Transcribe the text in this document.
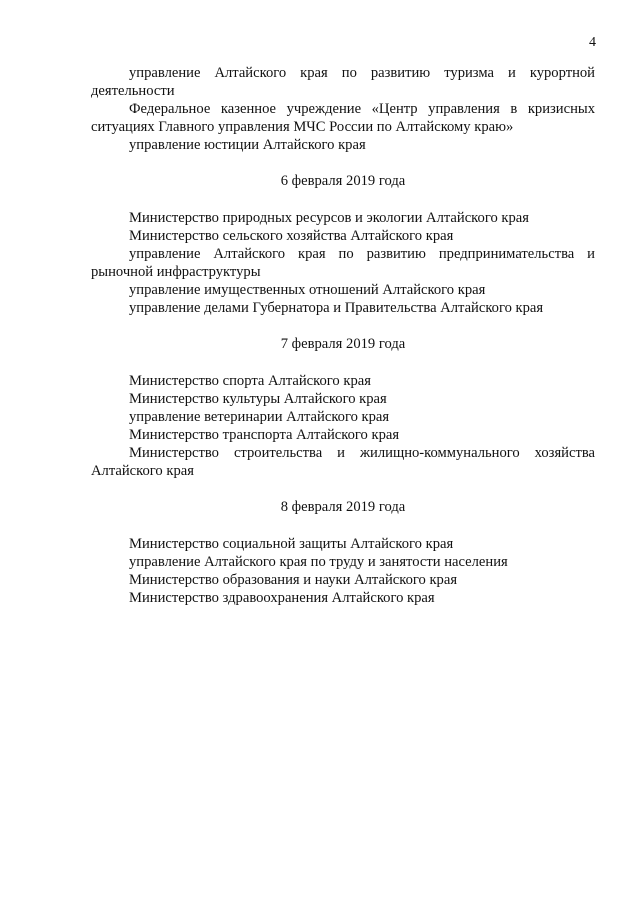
4

управление Алтайского края по развитию туризма и курортной деятельности

Федеральное казенное учреждение «Центр управления в кризисных ситуациях Главного управления МЧС России по Алтайскому краю»

управление юстиции Алтайского края

6 февраля 2019 года

Министерство природных ресурсов и экологии Алтайского края

Министерство сельского хозяйства Алтайского края

управление Алтайского края по развитию предпринимательства и рыночной инфраструктуры

управление имущественных отношений Алтайского края

управление делами Губернатора и Правительства Алтайского края

7 февраля 2019 года

Министерство спорта Алтайского края

Министерство культуры Алтайского края

управление ветеринарии Алтайского края

Министерство транспорта Алтайского края

Министерство строительства и жилищно-коммунального хозяйства Алтайского края

8 февраля 2019 года

Министерство социальной защиты Алтайского края

управление Алтайского края по труду и занятости населения

Министерство образования и науки Алтайского края

Министерство здравоохранения Алтайского края
